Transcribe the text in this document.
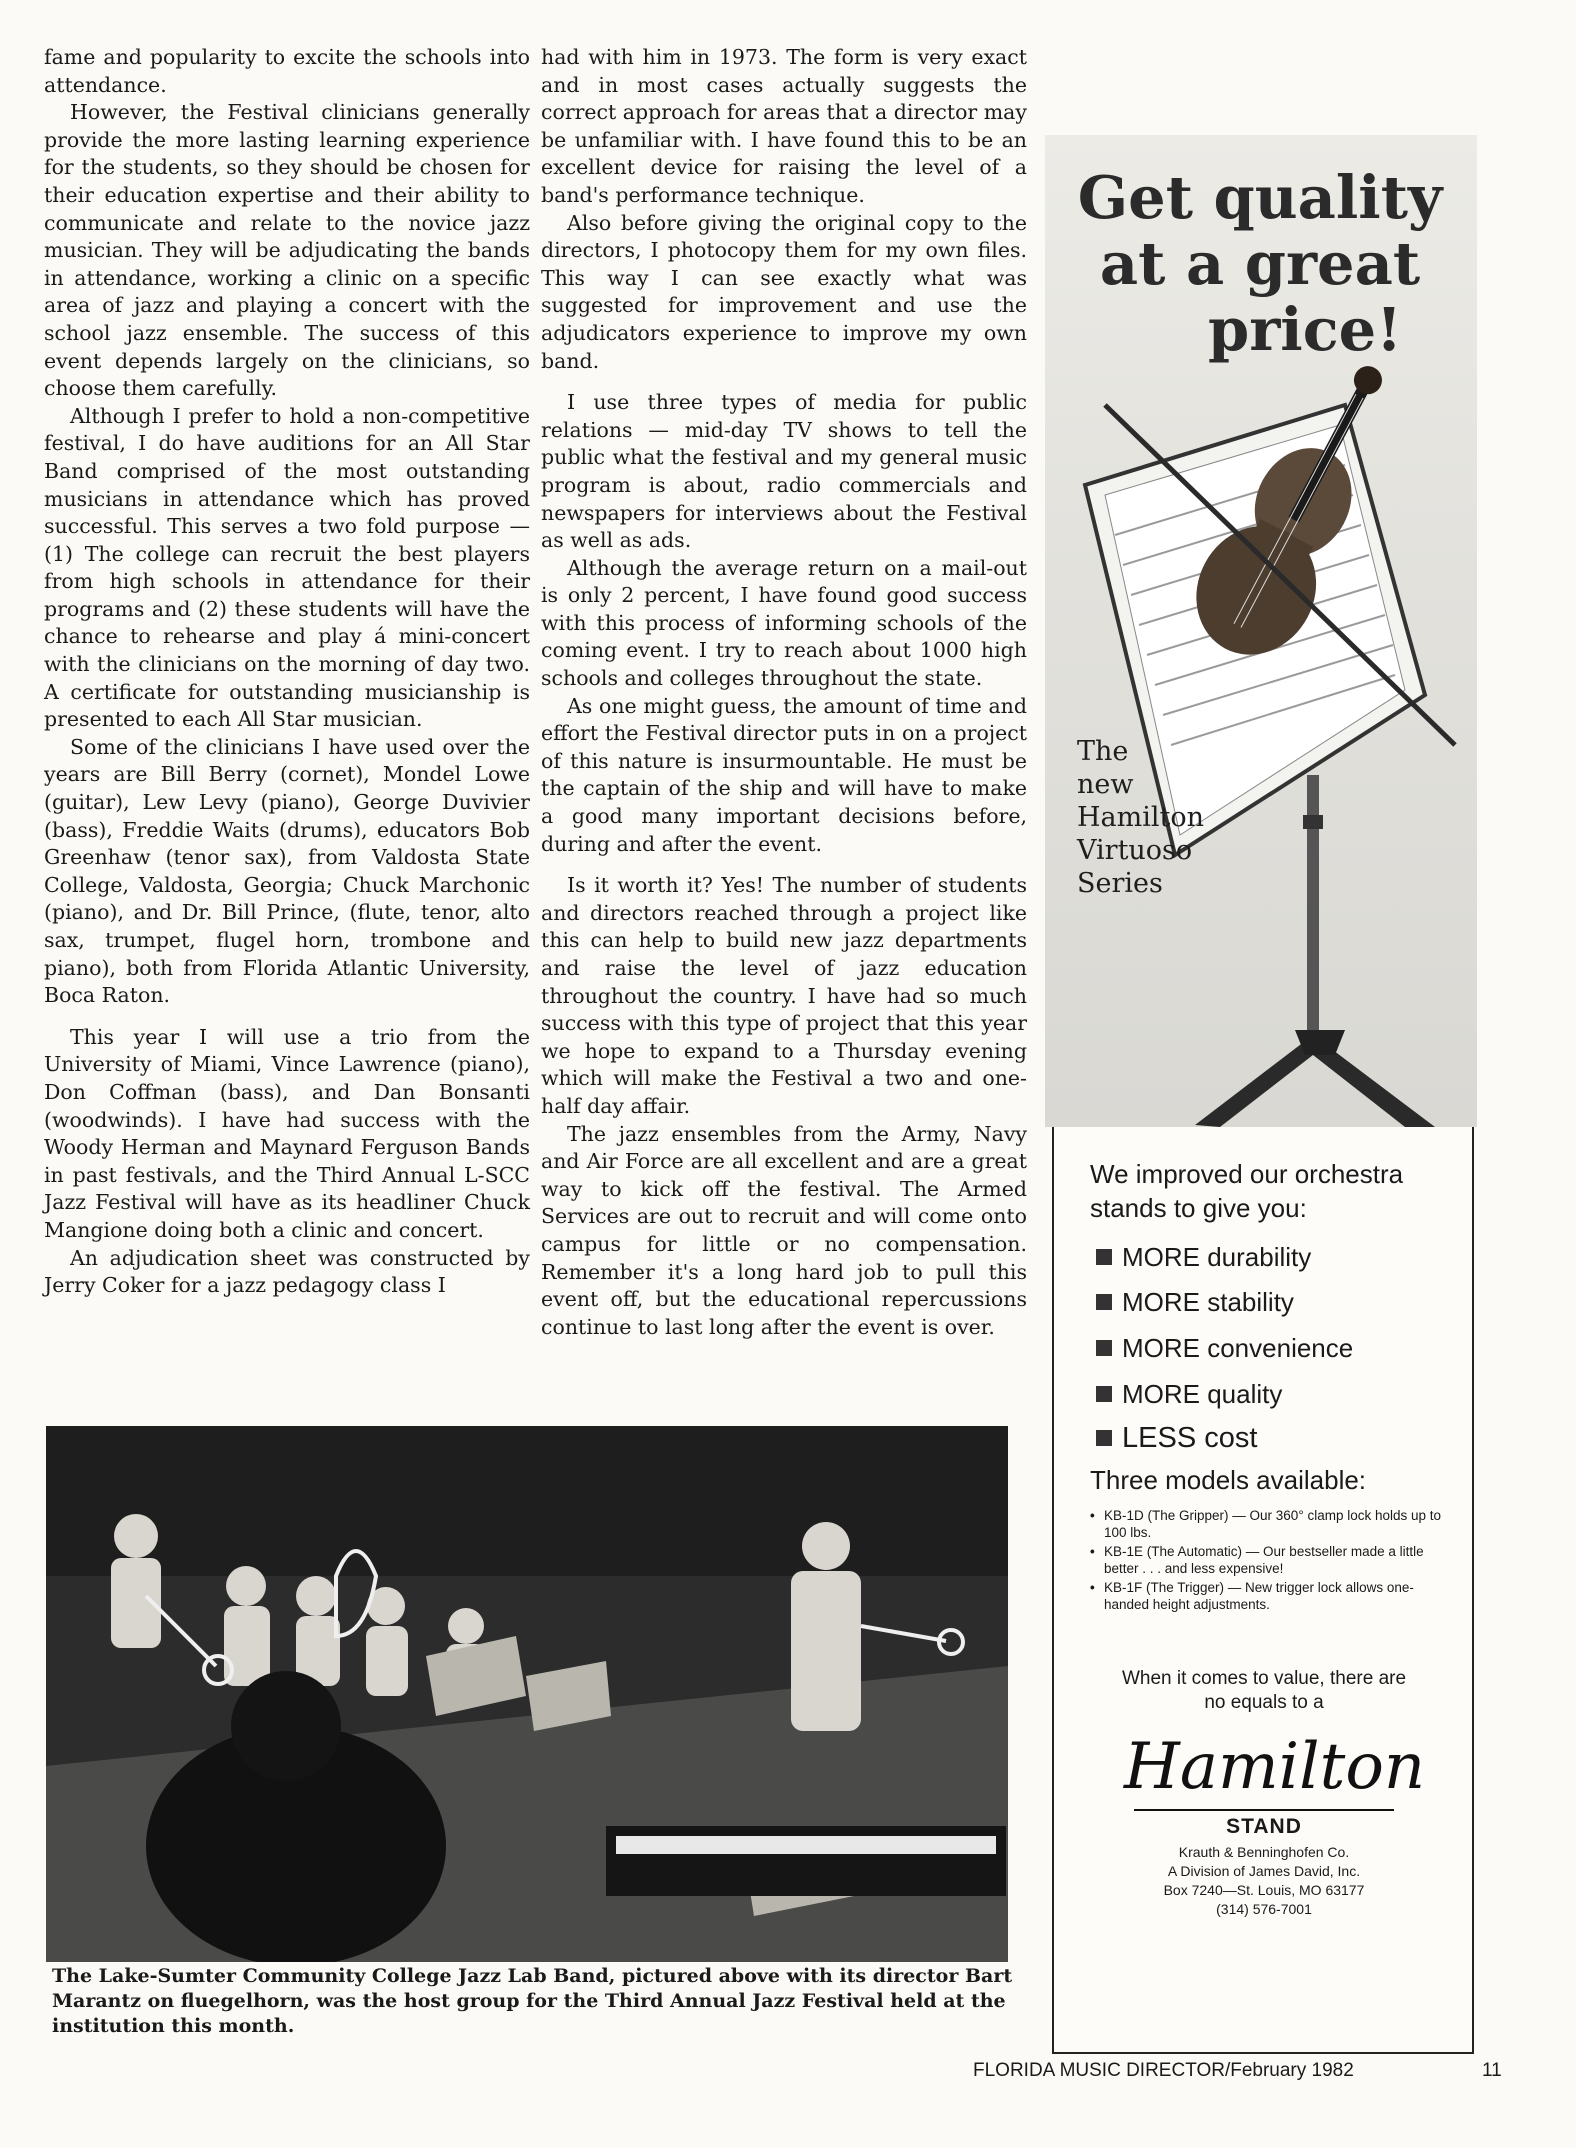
fame and popularity to excite the schools into attendance.

However, the Festival clinicians generally provide the more lasting learning experience for the students, so they should be chosen for their education expertise and their ability to communicate and relate to the novice jazz musician. They will be adjudicating the bands in attendance, working a clinic on a specific area of jazz and playing a concert with the school jazz ensemble. The success of this event depends largely on the clinicians, so choose them carefully.

Although I prefer to hold a non-competitive festival, I do have auditions for an All Star Band comprised of the most outstanding musicians in attendance which has proved successful. This serves a two fold purpose — (1) The college can recruit the best players from high schools in attendance for their programs and (2) these students will have the chance to rehearse and play á mini-concert with the clinicians on the morning of day two. A certificate for outstanding musicianship is presented to each All Star musician.

Some of the clinicians I have used over the years are Bill Berry (cornet), Mondel Lowe (guitar), Lew Levy (piano), George Duvivier (bass), Freddie Waits (drums), educators Bob Greenhaw (tenor sax), from Valdosta State College, Valdosta, Georgia; Chuck Marchonic (piano), and Dr. Bill Prince, (flute, tenor, alto sax, trumpet, flugel horn, trombone and piano), both from Florida Atlantic University, Boca Raton.

This year I will use a trio from the University of Miami, Vince Lawrence (piano), Don Coffman (bass), and Dan Bonsanti (woodwinds). I have had success with the Woody Herman and Maynard Ferguson Bands in past festivals, and the Third Annual L-SCC Jazz Festival will have as its headliner Chuck Mangione doing both a clinic and concert.

An adjudication sheet was constructed by Jerry Coker for a jazz pedagogy class I

had with him in 1973. The form is very exact and in most cases actually suggests the correct approach for areas that a director may be unfamiliar with. I have found this to be an excellent device for raising the level of a band's performance technique.

Also before giving the original copy to the directors, I photocopy them for my own files. This way I can see exactly what was suggested for improvement and use the adjudicators experience to improve my own band.

I use three types of media for public relations — mid-day TV shows to tell the public what the festival and my general music program is about, radio commercials and newspapers for interviews about the Festival as well as ads.

Although the average return on a mail-out is only 2 percent, I have found good success with this process of informing schools of the coming event. I try to reach about 1000 high schools and colleges throughout the state.

As one might guess, the amount of time and effort the Festival director puts in on a project of this nature is insurmountable. He must be the captain of the ship and will have to make a good many important decisions before, during and after the event.

Is it worth it? Yes! The number of students and directors reached through a project like this can help to build new jazz departments and raise the level of jazz education throughout the country. I have had so much success with this type of project that this year we hope to expand to a Thursday evening which will make the Festival a two and one-half day affair.

The jazz ensembles from the Army, Navy and Air Force are all excellent and are a great way to kick off the festival. The Armed Services are out to recruit and will come onto campus for little or no compensation. Remember it's a long hard job to pull this event off, but the educational repercussions continue to last long after the event is over.

Get quality
at a great
price!

The
new
Hamilton
Virtuoso
Series
We improved our orchestra stands to give you:
MORE durability
MORE stability
MORE convenience
MORE quality
LESS cost
Three models available:
• KB-1D (The Gripper) — Our 360° clamp lock holds up to 100 lbs.
• KB-1E (The Automatic) — Our bestseller made a little better . . . and less expensive!
• KB-1F (The Trigger) — New trigger lock allows one-handed height adjustments.
When it comes to value, there are no equals to a
Hamilton
STAND
Krauth & Benninghofen Co.
A Division of James David, Inc.
Box 7240—St. Louis, MO 63177
(314) 576-7001

The Lake-Sumter Community College Jazz Lab Band, pictured above with its director Bart Marantz on fluegelhorn, was the host group for the Third Annual Jazz Festival held at the institution this month.

FLORIDA MUSIC DIRECTOR/February 1982	11
